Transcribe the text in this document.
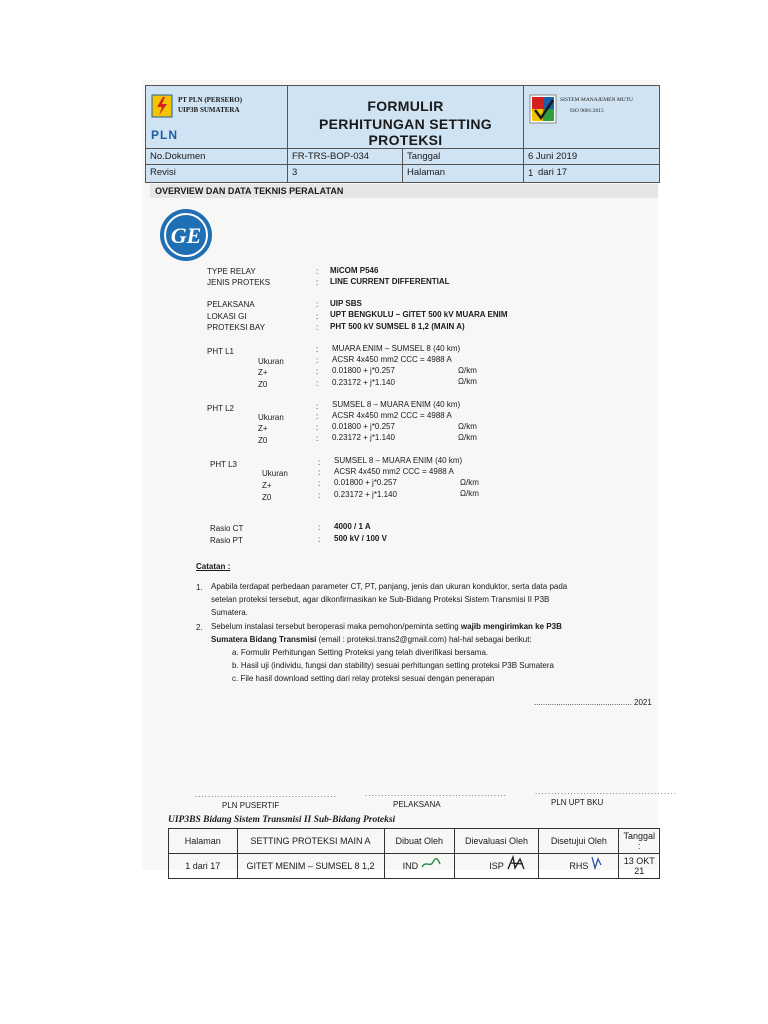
PT PLN (PERSERO)
UIP3B SUMATERA
PLN
FORMULIR
PERHITUNGAN SETTING PROTEKSI
SISTEM MANAJEMEN MUTU
ISO 9001:2015
No.Dokumen	FR-TRS-BOP-034	Tanggal	6 Juni 2019
Revisi	3	Halaman	1 dari 17
OVERVIEW DAN DATA TEKNIS PERALATAN
GE
TYPE RELAY	: MiCOM P546
JENIS PROTEKS	: LINE CURRENT DIFFERENTIAL
PELAKSANA	: UIP SBS
LOKASI GI	: UPT BENGKULU – GITET 500 kV MUARA ENIM
PROTEKSI BAY	: PHT 500 kV SUMSEL 8 1,2 (MAIN A)
PHT L1	: MUARA ENIM – SUMSEL 8 (40 km)
Ukuran	: ACSR 4x450 mm2 CCC = 4988 A
Z+	: 0.01800 + j*0.257	Ω/km
Z0	: 0.23172 + j*1.140	Ω/km
PHT L2	: SUMSEL 8 – MUARA ENIM (40 km)
Ukuran	: ACSR 4x450 mm2 CCC = 4988 A
Z+	: 0.01800 + j*0.257	Ω/km
Z0	: 0.23172 + j*1.140	Ω/km
PHT L3	: SUMSEL 8 – MUARA ENIM (40 km)
Ukuran	: ACSR 4x450 mm2 CCC = 4988 A
Z+	: 0.01800 + j*0.257	Ω/km
Z0	: 0.23172 + j*1.140	Ω/km
Rasio CT	: 4000 / 1 A
Rasio PT	: 500 kV / 100 V
Catatan :
1. Apabila terdapat perbedaan parameter CT, PT, panjang, jenis dan ukuran konduktor, serta data pada
setelan proteksi tersebut, agar dikonfirmasikan ke Sub-Bidang Proteksi Sistem Transmisi II P3B
Sumatera.
2. Sebelum instalasi tersebut beroperasi maka pemohon/peminta setting wajib mengirimkan ke P3B
Sumatera Bidang Transmisi (email : proteksi.trans2@gmail.com) hal-hal sebagai berikut:
a. Formulir Perhitungan Setting Proteksi yang telah diverifikasi bersama.
b. Hasil uji (individu, fungsi dan stability) sesuai perhitungan setting proteksi P3B Sumatera
c. File hasil download setting dari relay proteksi sesuai dengan penerapan
............................................ 2021
............................................	............................................	............................................
PLN PUSERTIF	PELAKSANA	PLN UPT BKU
UIP3BS Bidang Sistem Transmisi II Sub-Bidang Proteksi
Halaman	SETTING PROTEKSI MAIN A	Dibuat Oleh	Dievaluasi Oleh	Disetujui Oleh	Tanggal :
1 dari 17	GITET MENIM – SUMSEL 8 1,2	IND	ISP	RHS	13 OKT 21
